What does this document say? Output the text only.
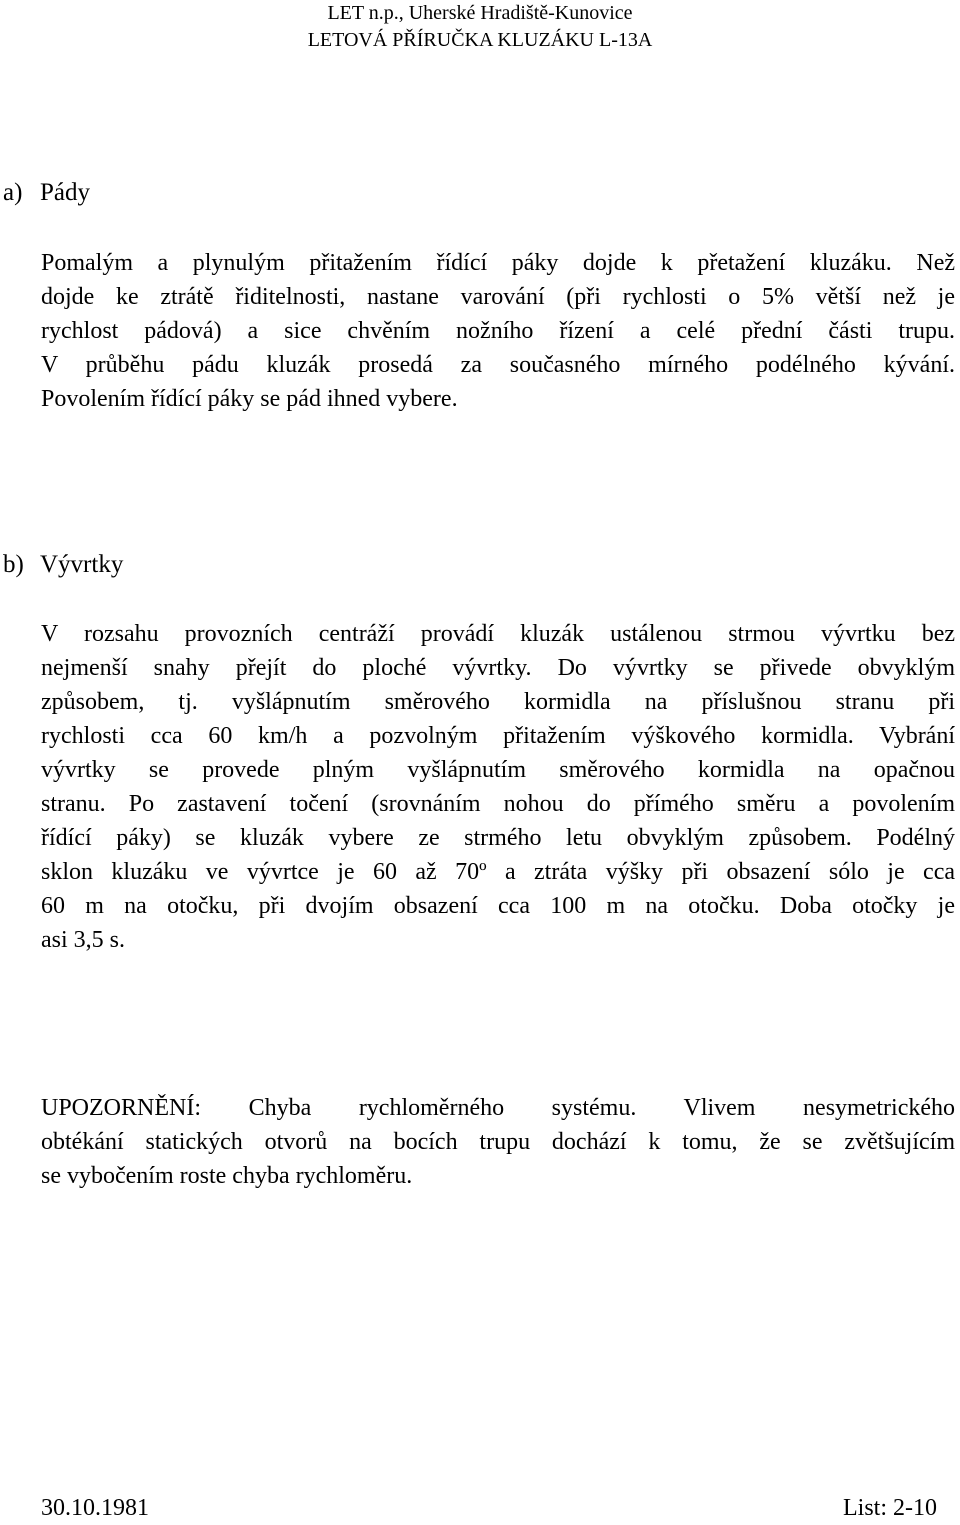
LET n.p., Uherské Hradiště-Kunovice
LETOVÁ PŘÍRUČKA KLUZÁKU L-13A
a) Pády
Pomalým a plynulým přitažením řídící páky dojde k přetažení kluzáku. Než
dojde ke ztrátě řiditelnosti, nastane varování (při rychlosti o 5% větší než je
rychlost pádová) a sice chvěním nožního řízení a celé přední části trupu.
V průběhu pádu kluzák prosedá za současného mírného podélného kývání.
Povolením řídící páky se pád ihned vybere.
b) Vývrtky
V rozsahu provozních centráží provádí kluzák ustálenou strmou vývrtku bez
nejmenší snahy přejít do ploché vývrtky. Do vývrtky se přivede obvyklým
způsobem, tj. vyšlápnutím směrového kormidla na příslušnou stranu při
rychlosti cca 60 km/h a pozvolným přitažením výškového kormidla. Vybrání
vývrtky se provede plným vyšlápnutím směrového kormidla na opačnou
stranu. Po zastavení točení (srovnáním nohou do přímého směru a povolením
řídící páky) se kluzák vybere ze strmého letu obvyklým způsobem. Podélný
sklon kluzáku ve vývrtce je 60 až 70º a ztráta výšky při obsazení sólo je cca
60 m na otočku, při dvojím obsazení cca 100 m na otočku. Doba otočky je
asi 3,5 s.
UPOZORNĚNÍ: Chyba rychloměrného systému. Vlivem nesymetrického
obtékání statických otvorů na bocích trupu dochází k tomu, že se zvětšujícím
se vybočením roste chyba rychloměru.
30.10.1981	List: 2-10
